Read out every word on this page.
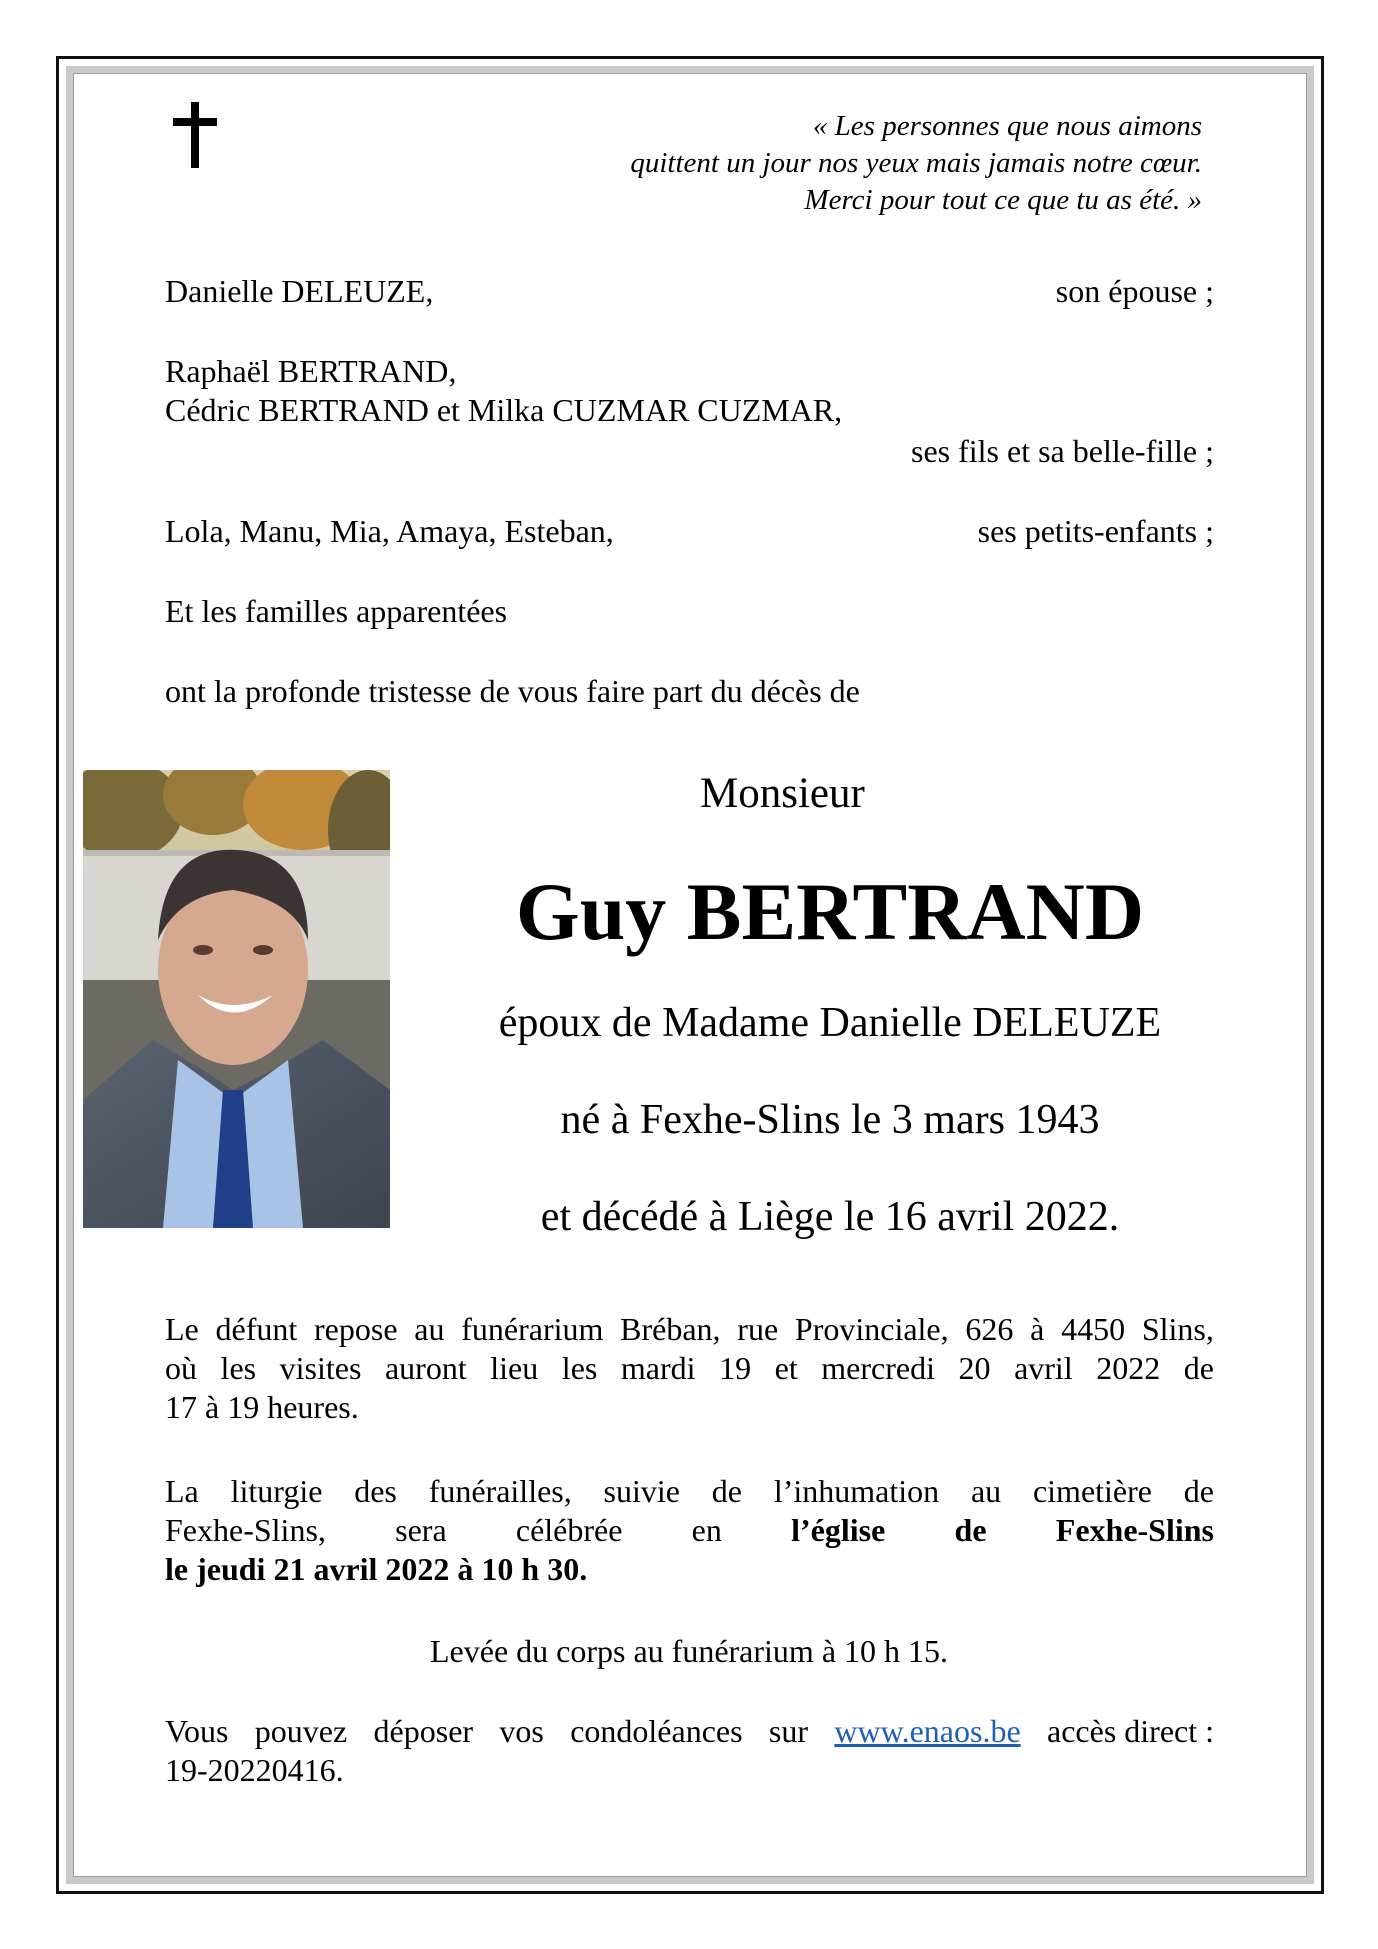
« Les personnes que nous aimons
quittent un jour nos yeux mais jamais notre cœur.
Merci pour tout ce que tu as été. »
Danielle DELEUZE,	son épouse ;
Raphaël BERTRAND,
Cédric BERTRAND et Milka CUZMAR CUZMAR,
ses fils et sa belle-fille ;
Lola, Manu, Mia, Amaya, Esteban,	ses petits-enfants ;
Et les familles apparentées
ont la profonde tristesse de vous faire part du décès de
Monsieur
Guy BERTRAND
époux de Madame Danielle DELEUZE
né à Fexhe-Slins le 3 mars 1943
et décédé à Liège le 16 avril 2022.
Le défunt repose au funérarium Bréban, rue Provinciale, 626 à 4450 Slins,
où les visites auront lieu les mardi 19 et mercredi 20 avril 2022 de
17 à 19 heures.
La liturgie des funérailles, suivie de l’inhumation au cimetière de
Fexhe-Slins, sera célébrée en l’église de Fexhe-Slins
le jeudi 21 avril 2022 à 10 h 30.
Levée du corps au funérarium à 10 h 15.
Vous pouvez déposer vos condoléances sur www.enaos.be accès direct :
19-20220416.
